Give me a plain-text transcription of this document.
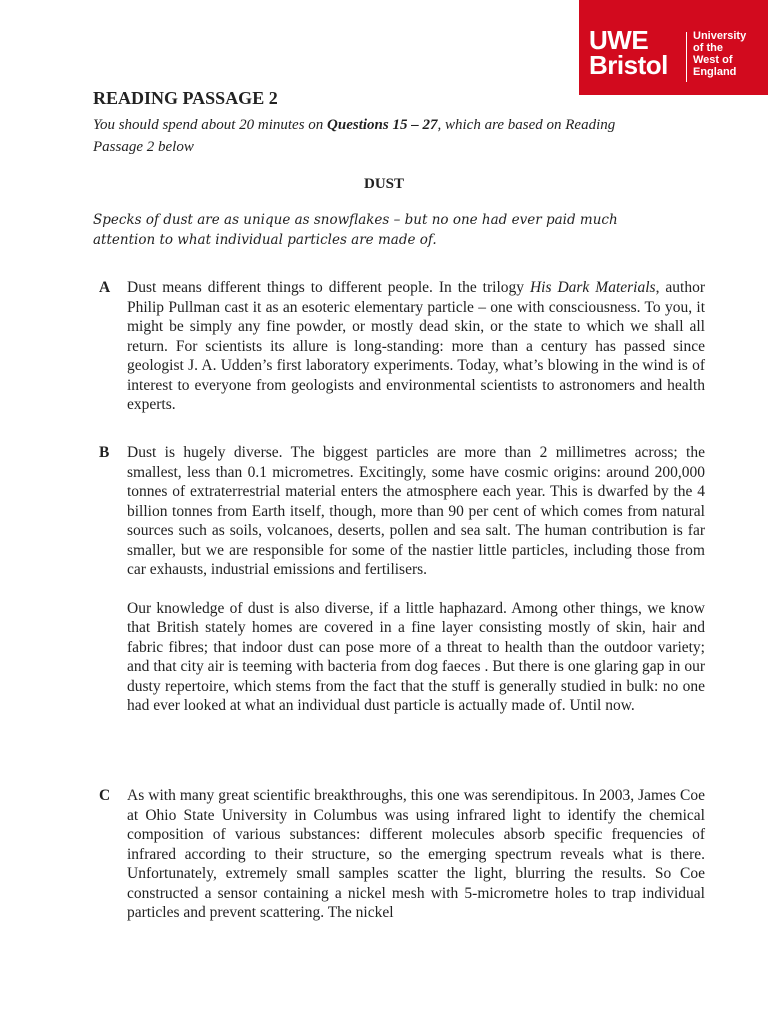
UWE
Bristol
University
of the
West of
England
READING PASSAGE 2

You should spend about 20 minutes on Questions 15 – 27, which are based on Reading Passage 2 below

DUST

Specks of dust are as unique as snowflakes – but no one had ever paid much attention to what individual particles are made of.

A Dust means different things to different people. In the trilogy His Dark Materials, author Philip Pullman cast it as an esoteric elementary particle – one with consciousness. To you, it might be simply any fine powder, or mostly dead skin, or the state to which we shall all return. For scientists its allure is long-standing: more than a century has passed since geologist J. A. Udden’s first laboratory experiments. Today, what’s blowing in the wind is of interest to everyone from geologists and environmental scientists to astronomers and health experts.

B Dust is hugely diverse. The biggest particles are more than 2 millimetres across; the smallest, less than 0.1 micrometres. Excitingly, some have cosmic origins: around 200,000 tonnes of extraterrestrial material enters the atmosphere each year. This is dwarfed by the 4 billion tonnes from Earth itself, though, more than 90 per cent of which comes from natural sources such as soils, volcanoes, deserts, pollen and sea salt. The human contribution is far smaller, but we are responsible for some of the nastier little particles, including those from car exhausts, industrial emissions and fertilisers.

Our knowledge of dust is also diverse, if a little haphazard. Among other things, we know that British stately homes are covered in a fine layer consisting mostly of skin, hair and fabric fibres; that indoor dust can pose more of a threat to health than the outdoor variety; and that city air is teeming with bacteria from dog faeces . But there is one glaring gap in our dusty repertoire, which stems from the fact that the stuff is generally studied in bulk: no one had ever looked at what an individual dust particle is actually made of. Until now.

C As with many great scientific breakthroughs, this one was serendipitous. In 2003, James Coe at Ohio State University in Columbus was using infrared light to identify the chemical composition of various substances: different molecules absorb specific frequencies of infrared according to their structure, so the emerging spectrum reveals what is there. Unfortunately, extremely small samples scatter the light, blurring the results. So Coe constructed a sensor containing a nickel mesh with 5-micrometre holes to trap individual particles and prevent scattering. The nickel
